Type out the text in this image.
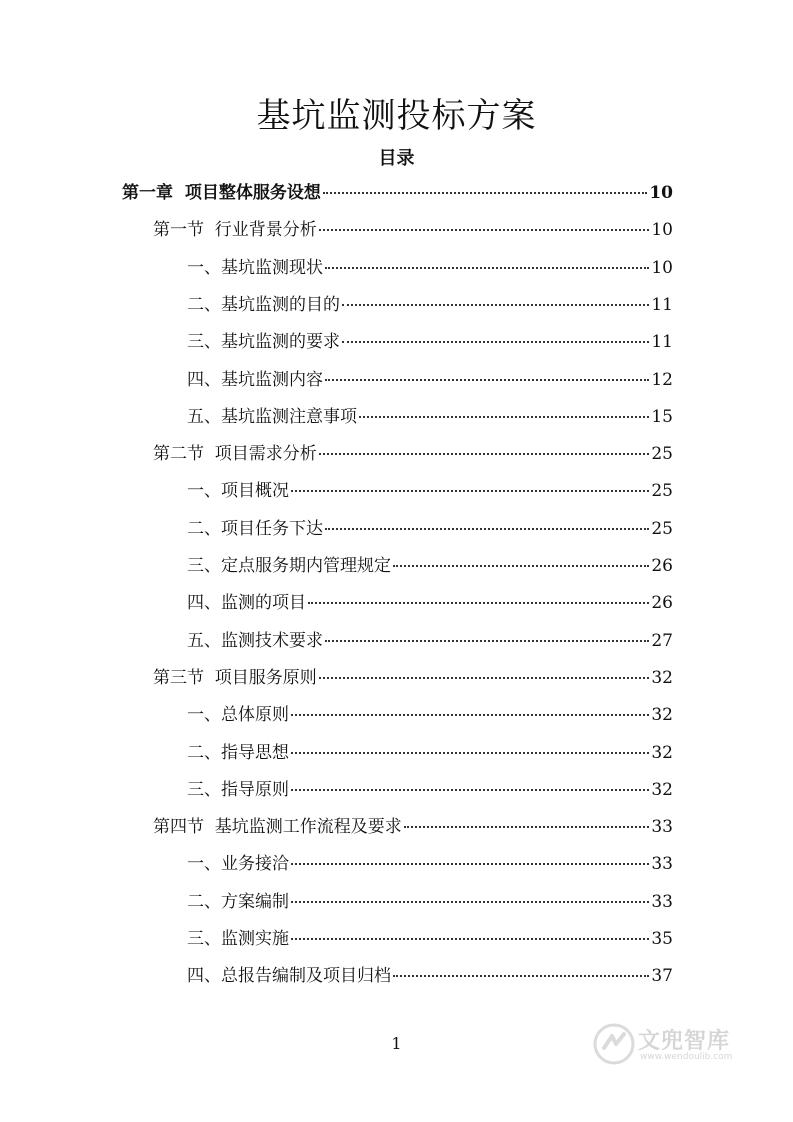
基坑监测投标方案
目录
第一章  项目整体服务设想	10
第一节  行业背景分析	10
一、基坑监测现状	10
二、基坑监测的目的	11
三、基坑监测的要求	11
四、基坑监测内容	12
五、基坑监测注意事项	15
第二节  项目需求分析	25
一、项目概况	25
二、项目任务下达	25
三、定点服务期内管理规定	26
四、监测的项目	26
五、监测技术要求	27
第三节  项目服务原则	32
一、总体原则	32
二、指导思想	32
三、指导原则	32
第四节  基坑监测工作流程及要求	33
一、业务接洽	33
二、方案编制	33
三、监测实施	35
四、总报告编制及项目归档	37
1	文兜智库
www.wendoulib.com
